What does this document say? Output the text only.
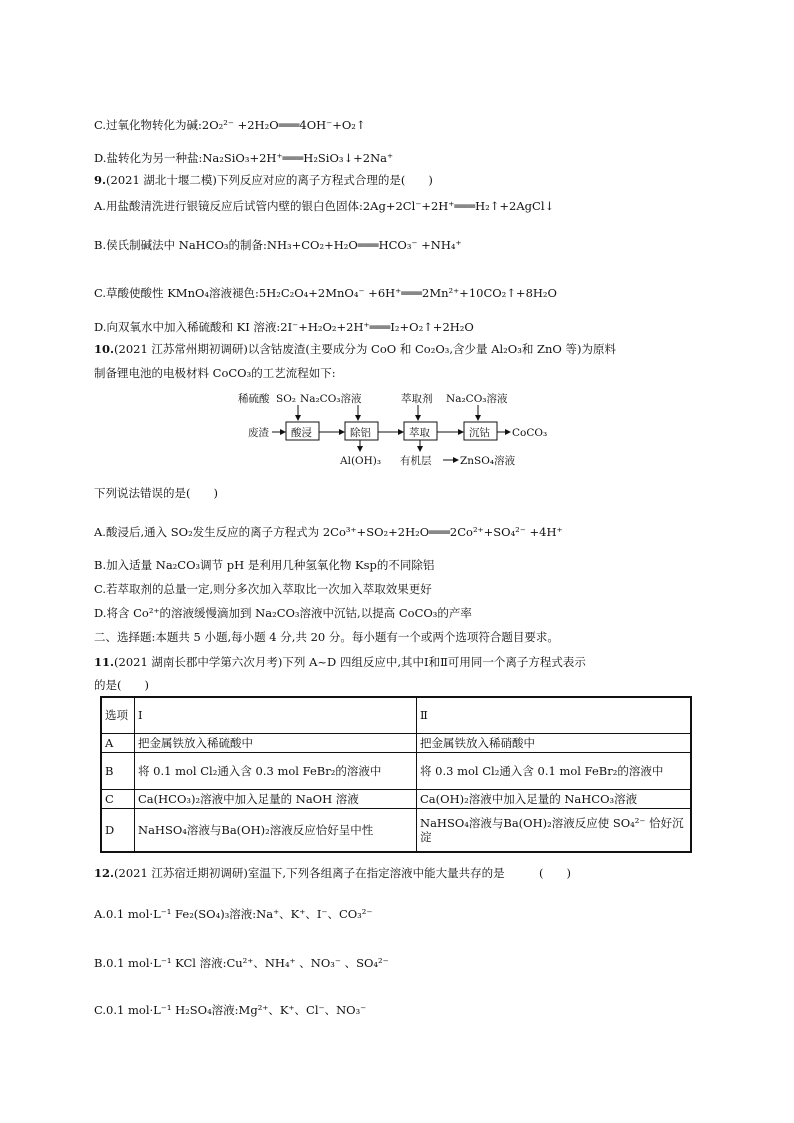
C.过氧化物转化为碱:2O₂²⁻ +2H₂O═══4OH⁻+O₂↑
D.盐转化为另一种盐:Na₂SiO₃+2H⁺═══H₂SiO₃↓+2Na⁺
9.(2021 湖北十堰二模)下列反应对应的离子方程式合理的是(　　)
A.用盐酸清洗进行银镜反应后试管内壁的银白色固体:2Ag+2Cl⁻+2H⁺═══H₂↑+2AgCl↓
B.侯氏制碱法中 NaHCO₃的制备:NH₃+CO₂+H₂O═══HCO₃⁻ +NH₄⁺
C.草酸使酸性 KMnO₄溶液褪色:5H₂C₂O₄+2MnO₄⁻ +6H⁺═══2Mn²⁺+10CO₂↑+8H₂O
D.向双氧水中加入稀硫酸和 KI 溶液:2I⁻+H₂O₂+2H⁺═══I₂+O₂↑+2H₂O
10.(2021 江苏常州期初调研)以含钴废渣(主要成分为 CoO 和 Co₂O₃,含少量 Al₂O₃和 ZnO 等)为原料
制备锂电池的电极材料 CoCO₃的工艺流程如下:
稀硫酸 SO₂ Na₂CO₃溶液	萃取剂 Na₂CO₃溶液
废渣 酸浸	除铝	萃取	沉钴 CoCO₃
Al(OH)₃ 有机层	ZnSO₄溶液
下列说法错误的是(　　)
A.酸浸后,通入 SO₂发生反应的离子方程式为 2Co³⁺+SO₂+2H₂O═══2Co²⁺+SO₄²⁻ +4H⁺
B.加入适量 Na₂CO₃调节 pH 是利用几种氢氧化物 Ksp的不同除铝
C.若萃取剂的总量一定,则分多次加入萃取比一次加入萃取效果更好
D.将含 Co²⁺的溶液缓慢滴加到 Na₂CO₃溶液中沉钴,以提高 CoCO₃的产率
二、选择题:本题共 5 小题,每小题 4 分,共 20 分。每小题有一个或两个选项符合题目要求。
11.(2021 湖南长郡中学第六次月考)下列 A~D 四组反应中,其中Ⅰ和Ⅱ可用同一个离子方程式表示
的是(　　)
选项	Ⅰ	Ⅱ
A	把金属铁放入稀硫酸中	把金属铁放入稀硝酸中
B	将 0.1 mol Cl₂通入含 0.3 mol FeBr₂的溶液中	将 0.3 mol Cl₂通入含 0.1 mol FeBr₂的溶液中
C	Ca(HCO₃)₂溶液中加入足量的 NaOH 溶液	Ca(OH)₂溶液中加入足量的 NaHCO₃溶液
D	NaHSO₄溶液与Ba(OH)₂溶液反应恰好呈中性	NaHSO₄溶液与Ba(OH)₂溶液反应使 SO₄²⁻ 恰好沉淀
12.(2021 江苏宿迁期初调研)室温下,下列各组离子在指定溶液中能大量共存的是　　　(　　)
A.0.1 mol·L⁻¹ Fe₂(SO₄)₃溶液:Na⁺、K⁺、I⁻、CO₃²⁻
B.0.1 mol·L⁻¹ KCl 溶液:Cu²⁺、NH₄⁺ 、NO₃⁻ 、SO₄²⁻
C.0.1 mol·L⁻¹ H₂SO₄溶液:Mg²⁺、K⁺、Cl⁻、NO₃⁻
